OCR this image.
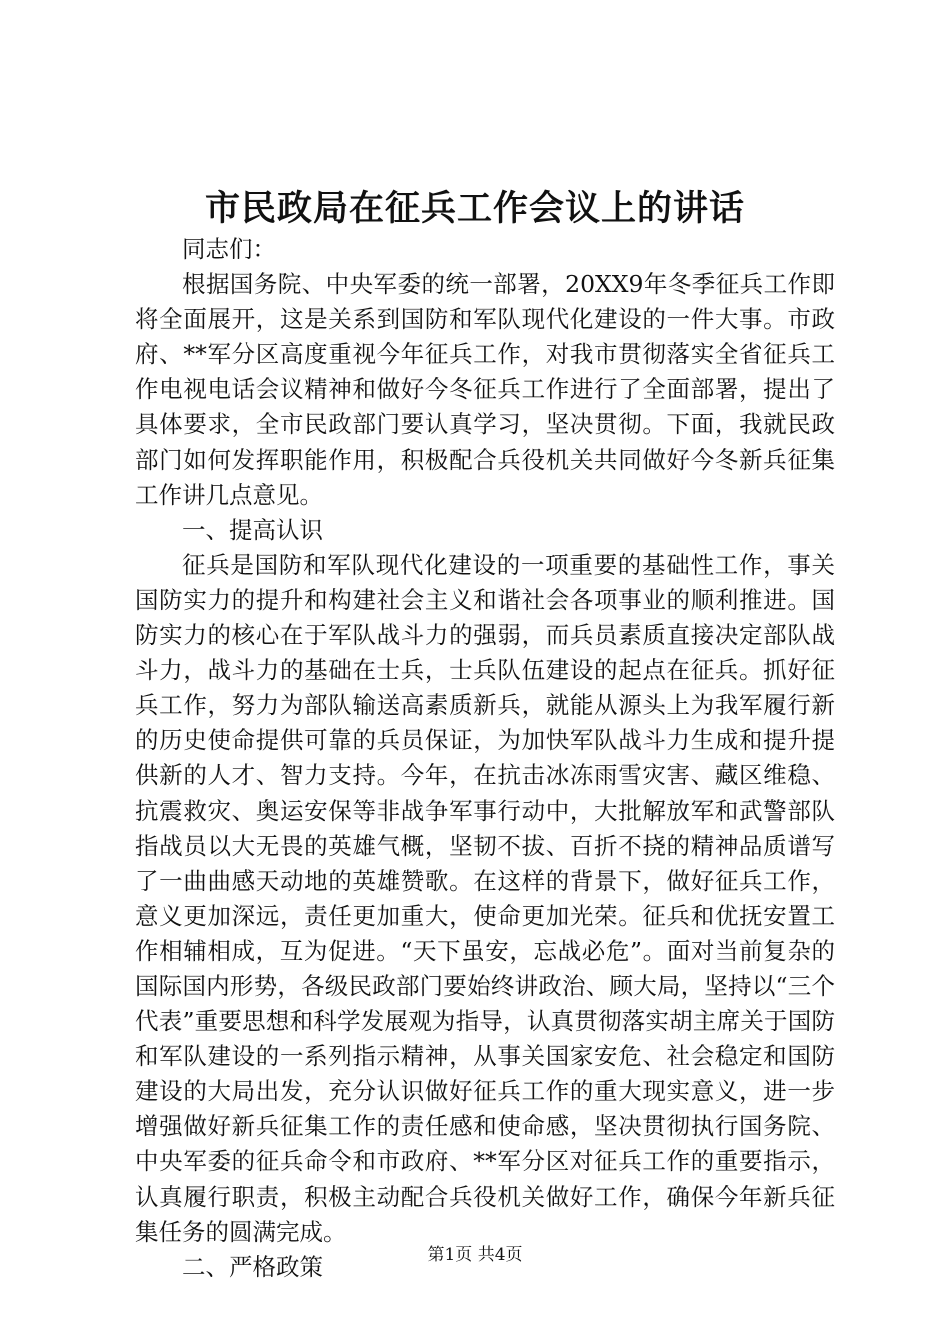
市民政局在征兵工作会议上的讲话

同志们：

根据国务院、中央军委的统一部署，20XX9年冬季征兵工作即将全面展开，这是关系到国防和军队现代化建设的一件大事。市政府、**军分区高度重视今年征兵工作，对我市贯彻落实全省征兵工作电视电话会议精神和做好今冬征兵工作进行了全面部署，提出了具体要求，全市民政部门要认真学习，坚决贯彻。下面，我就民政部门如何发挥职能作用，积极配合兵役机关共同做好今冬新兵征集工作讲几点意见。

一、提高认识

征兵是国防和军队现代化建设的一项重要的基础性工作，事关国防实力的提升和构建社会主义和谐社会各项事业的顺利推进。国防实力的核心在于军队战斗力的强弱，而兵员素质直接决定部队战斗力，战斗力的基础在士兵，士兵队伍建设的起点在征兵。抓好征兵工作，努力为部队输送高素质新兵，就能从源头上为我军履行新的历史使命提供可靠的兵员保证，为加快军队战斗力生成和提升提供新的人才、智力支持。今年，在抗击冰冻雨雪灾害、藏区维稳、抗震救灾、奥运安保等非战争军事行动中，大批解放军和武警部队指战员以大无畏的英雄气概，坚韧不拔、百折不挠的精神品质谱写了一曲曲感天动地的英雄赞歌。在这样的背景下，做好征兵工作，意义更加深远，责任更加重大，使命更加光荣。征兵和优抚安置工作相辅相成，互为促进。“天下虽安，忘战必危”。面对当前复杂的国际国内形势，各级民政部门要始终讲政治、顾大局，坚持以“三个代表”重要思想和科学发展观为指导，认真贯彻落实胡主席关于国防和军队建设的一系列指示精神，从事关国家安危、社会稳定和国防建设的大局出发，充分认识做好征兵工作的重大现实意义，进一步增强做好新兵征集工作的责任感和使命感，坚决贯彻执行国务院、中央军委的征兵命令和市政府、**军分区对征兵工作的重要指示，认真履行职责，积极主动配合兵役机关做好工作，确保今年新兵征集任务的圆满完成。

二、严格政策	第1页 共4页
